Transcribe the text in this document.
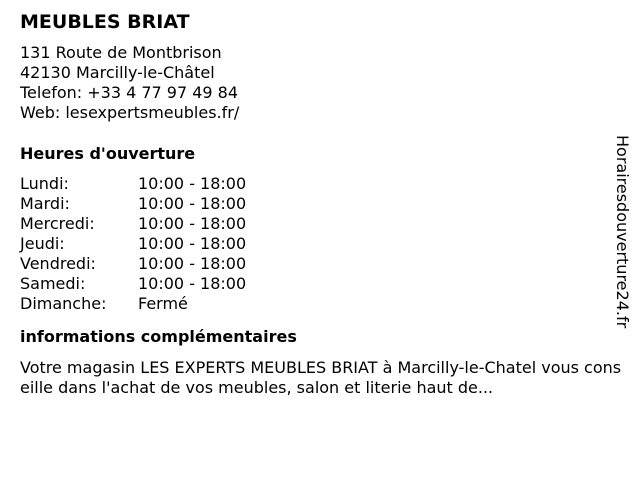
MEUBLES BRIAT
131 Route de Montbrison
42130 Marcilly-le-Châtel
Telefon: +33 4 77 97 49 84
Web: lesexpertsmeubles.fr/
Heures d'ouverture
Lundi:	10:00 - 18:00
Mardi:	10:00 - 18:00
Mercredi:	10:00 - 18:00
Jeudi:	10:00 - 18:00
Vendredi:	10:00 - 18:00
Samedi:	10:00 - 18:00
Dimanche:	Fermé
informations complémentaires
Votre magasin LES EXPERTS MEUBLES BRIAT à Marcilly-le-Chatel vous conseille dans l'achat de vos meubles, salon et literie haut de...
Horairesdouverture24.fr
